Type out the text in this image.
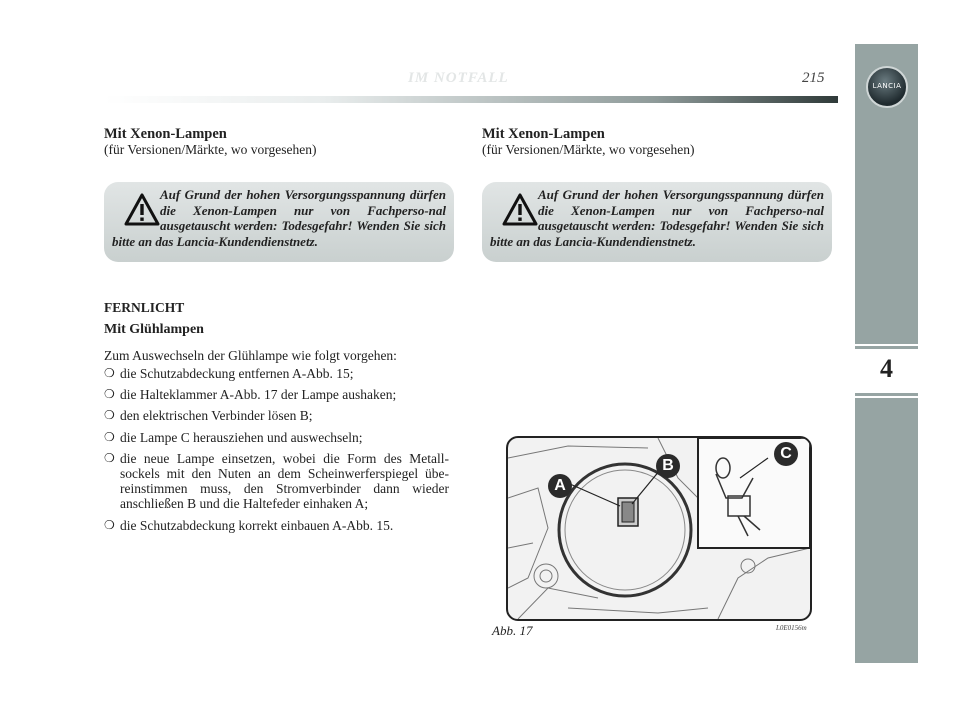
IM NOTFALL	215
4
LANCIA
Mit Xenon-Lampen
(für Versionen/Märkte, wo vorgesehen)
Auf Grund der hohen Versorgungsspannung dürfen die Xenon-Lampen nur von Fachperso-nal ausgetauscht werden: Todesgefahr! Wenden Sie sich bitte an das Lancia-Kundendienstnetz.
Mit Xenon-Lampen
(für Versionen/Märkte, wo vorgesehen)
Auf Grund der hohen Versorgungsspannung dürfen die Xenon-Lampen nur von Fachperso-nal ausgetauscht werden: Todesgefahr! Wenden Sie sich bitte an das Lancia-Kundendienstnetz.
FERNLICHT
Mit Glühlampen
Zum Auswechseln der Glühlampe wie folgt vorgehen:
❍ die Schutzabdeckung entfernen A-Abb. 15;
❍ die Halteklammer A-Abb. 17 der Lampe aushaken;
❍ den elektrischen Verbinder lösen B;
❍ die Lampe C herausziehen und auswechseln;
❍ die neue Lampe einsetzen, wobei die Form des Metall-sockels mit den Nuten an dem Scheinwerferspiegel übe-reinstimmen muss, den Stromverbinder dann wieder anschließen B und die Haltefeder einhaken A;
❍ die Schutzabdeckung korrekt einbauen A-Abb. 15.
A
B
C
Abb. 17	L0E0156m
